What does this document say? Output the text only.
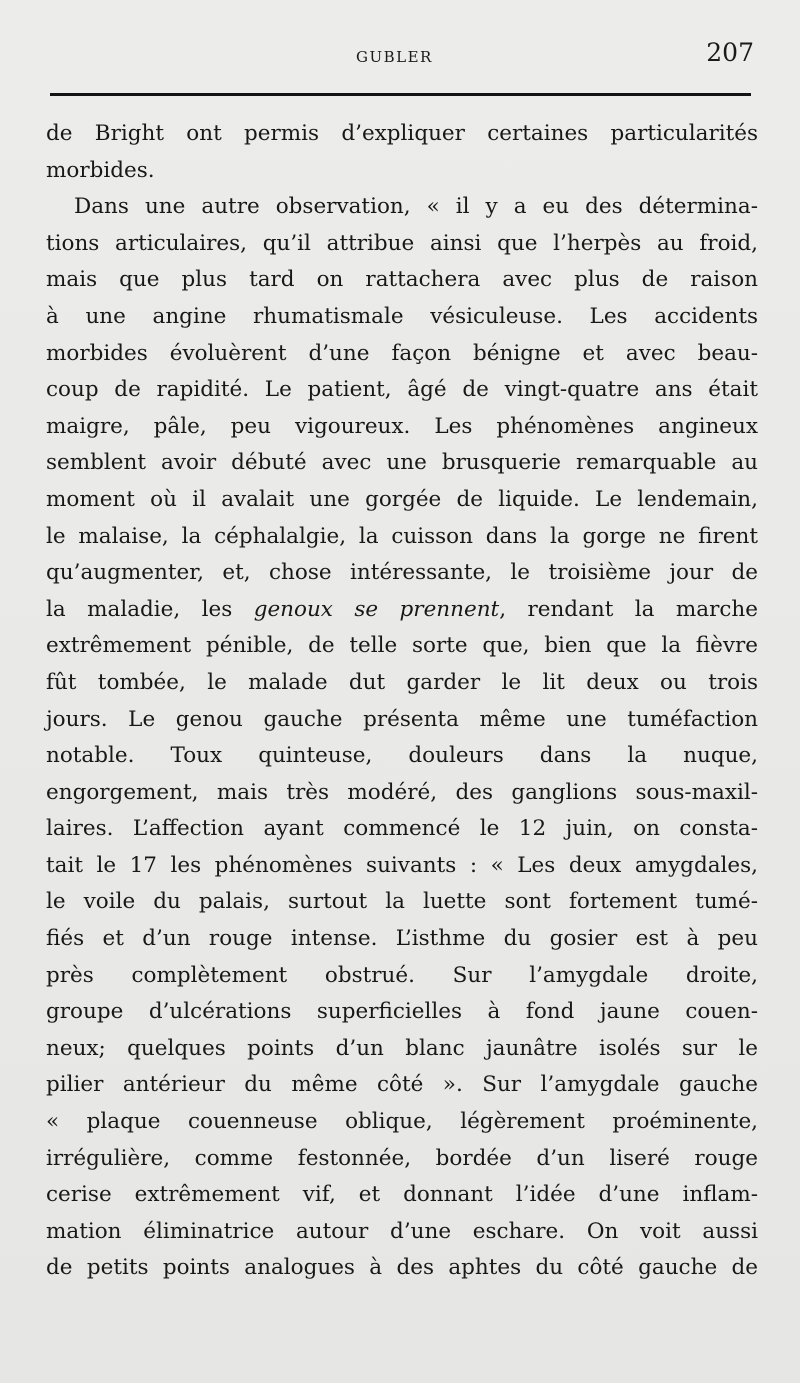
GUBLER	207
de Bright ont permis d’expliquer certaines particularités
morbides.
Dans une autre observation, « il y a eu des détermina-
tions articulaires, qu’il attribue ainsi que l’herpès au froid,
mais que plus tard on rattachera avec plus de raison
à une angine rhumatismale vésiculeuse. Les accidents
morbides évoluèrent d’une façon bénigne et avec beau-
coup de rapidité. Le patient, âgé de vingt-quatre ans était
maigre, pâle, peu vigoureux. Les phénomènes angineux
semblent avoir débuté avec une brusquerie remarquable au
moment où il avalait une gorgée de liquide. Le lendemain,
le malaise, la céphalalgie, la cuisson dans la gorge ne firent
qu’augmenter, et, chose intéressante, le troisième jour de
la maladie, les genoux se prennent, rendant la marche
extrêmement pénible, de telle sorte que, bien que la fièvre
fût tombée, le malade dut garder le lit deux ou trois
jours. Le genou gauche présenta même une tuméfaction
notable. Toux quinteuse, douleurs dans la nuque,
engorgement, mais très modéré, des ganglions sous-maxil-
laires. L’affection ayant commencé le 12 juin, on consta-
tait le 17 les phénomènes suivants : « Les deux amygdales,
le voile du palais, surtout la luette sont fortement tumé-
fiés et d’un rouge intense. L’isthme du gosier est à peu
près complètement obstrué. Sur l’amygdale droite,
groupe d’ulcérations superficielles à fond jaune couen-
neux; quelques points d’un blanc jaunâtre isolés sur le
pilier antérieur du même côté ». Sur l’amygdale gauche
« plaque couenneuse oblique, légèrement proéminente,
irrégulière, comme festonnée, bordée d’un liseré rouge
cerise extrêmement vif, et donnant l’idée d’une inflam-
mation éliminatrice autour d’une eschare. On voit aussi
de petits points analogues à des aphtes du côté gauche de
